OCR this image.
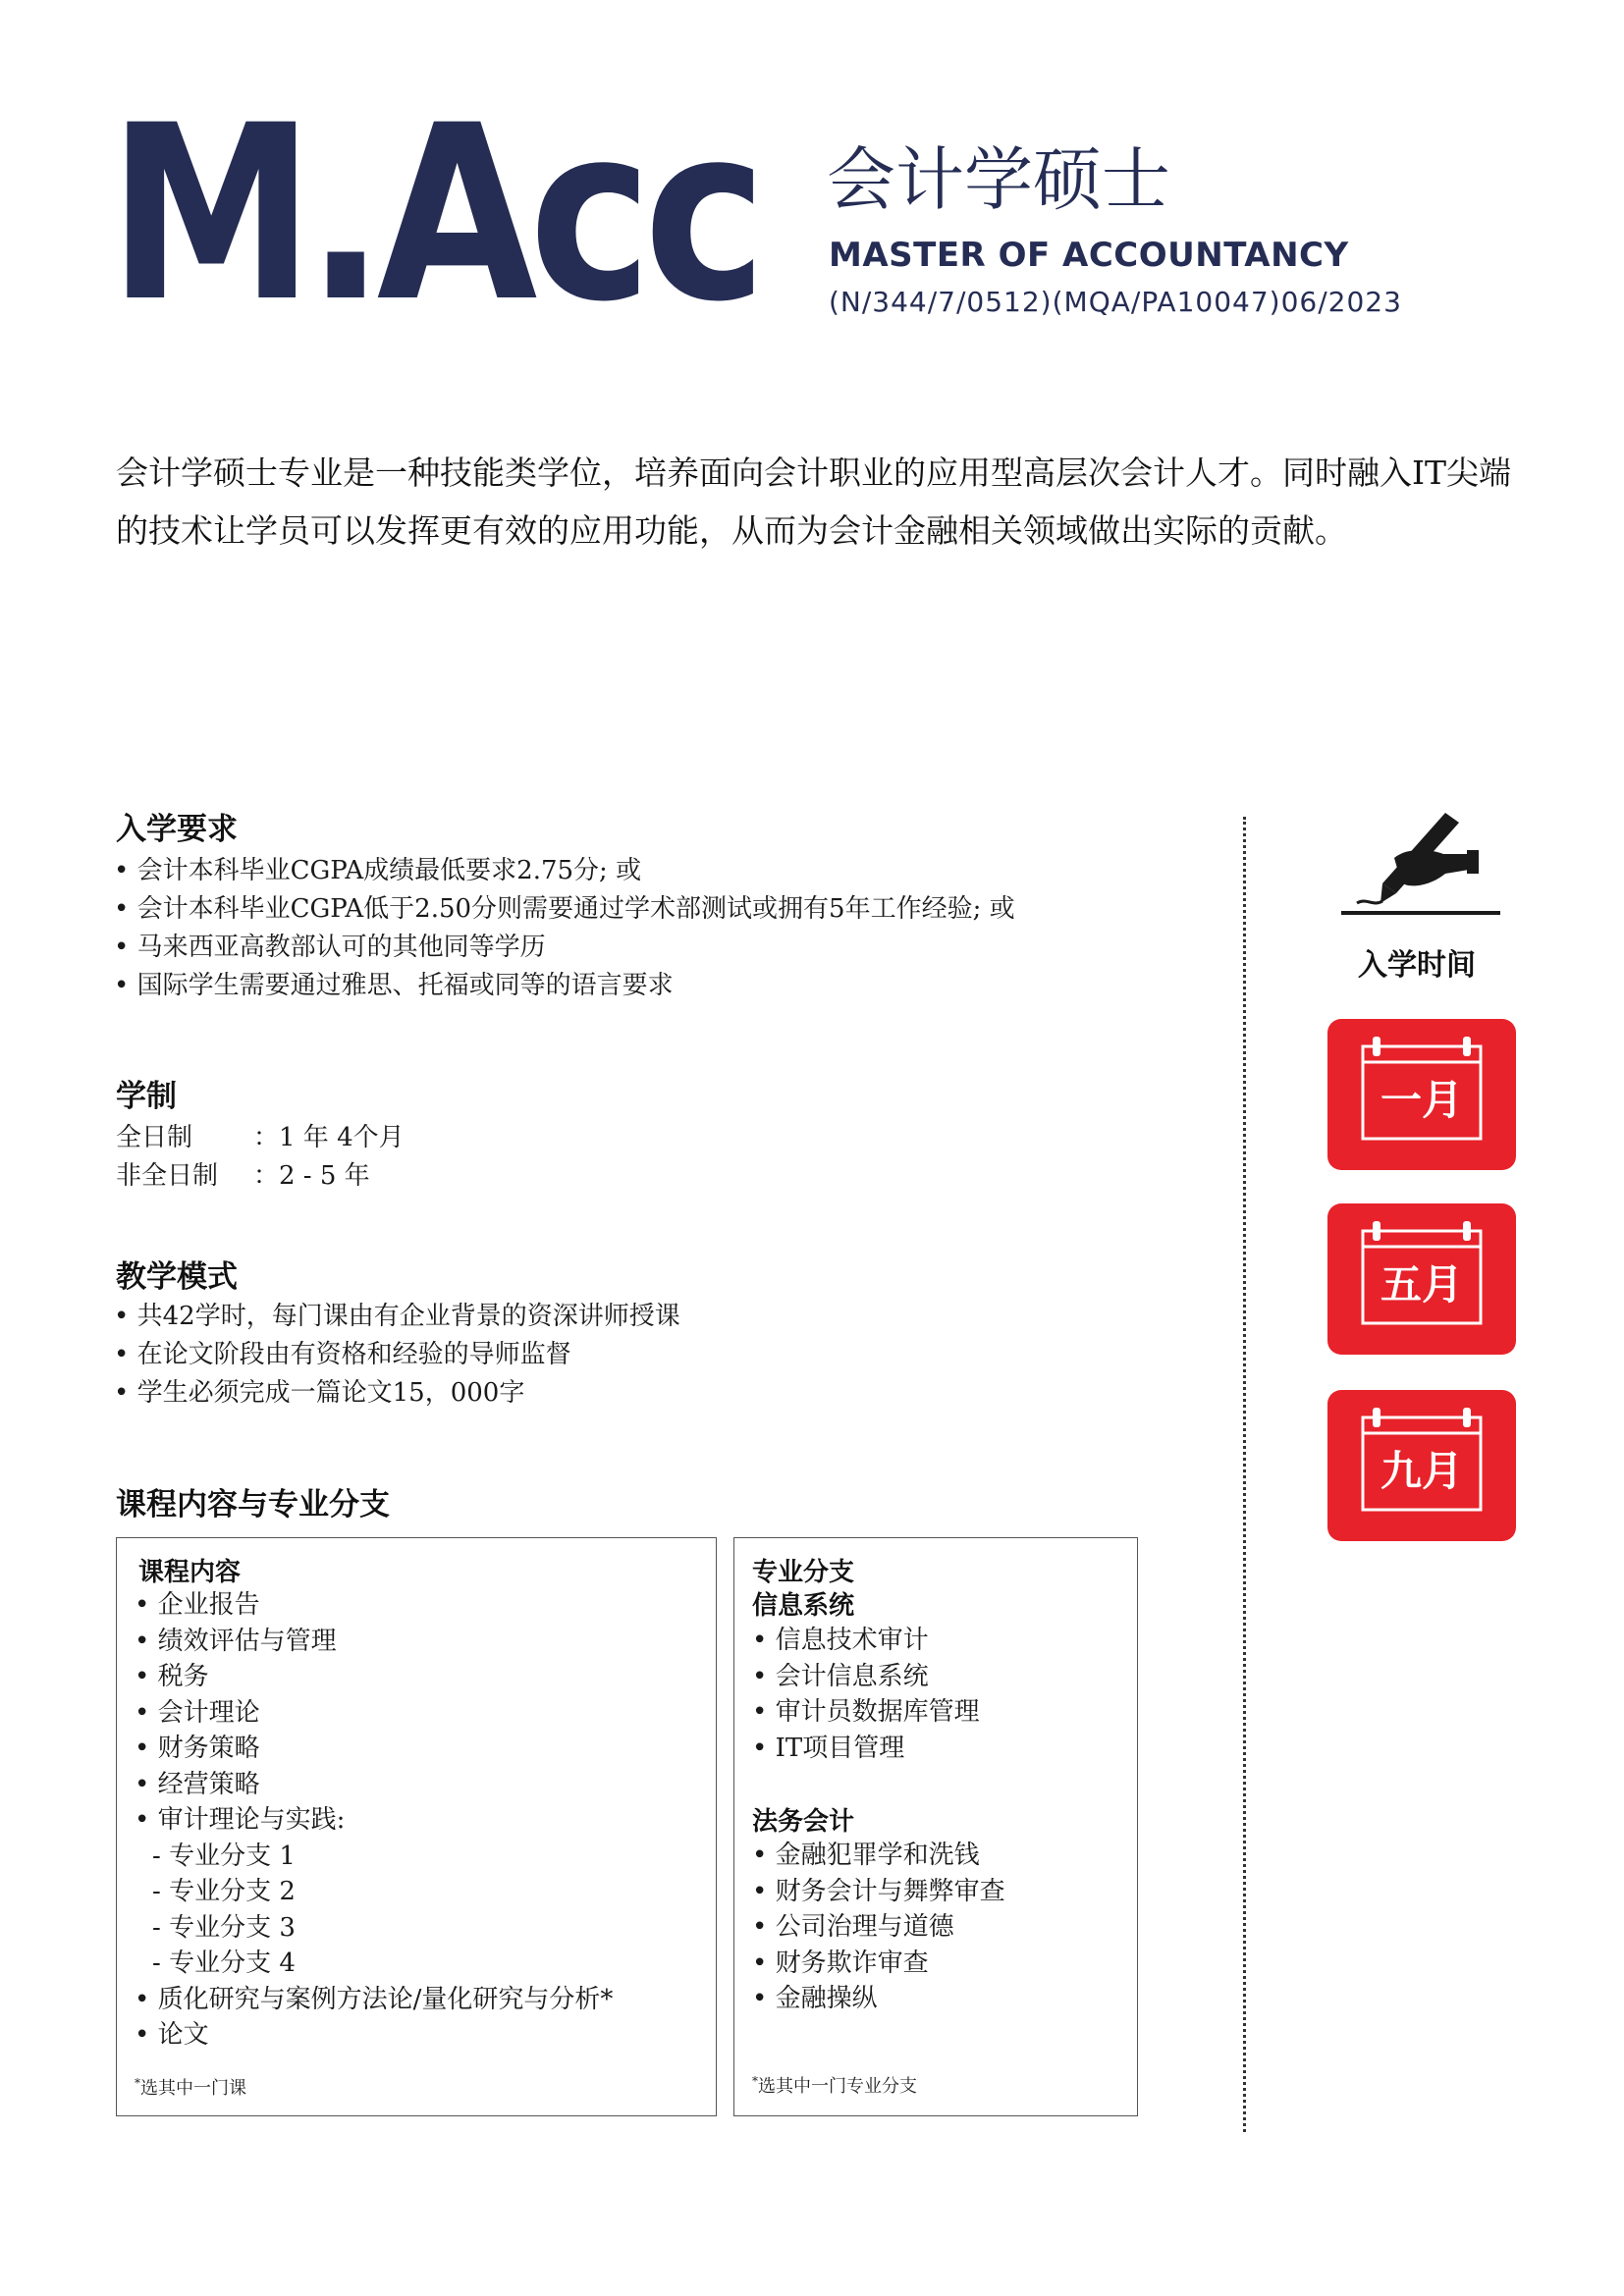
M.Acc 会计学硕士
MASTER OF ACCOUNTANCY
(N/344/7/0512)(MQA/PA10047)06/2023

会计学硕士专业是一种技能类学位，培养面向会计职业的应用型高层次会计人才。同时融入IT尖端的技术让学员可以发挥更有效的应用功能，从而为会计金融相关领域做出实际的贡献。

入学要求
• 会计本科毕业CGPA成绩最低要求2.75分; 或
• 会计本科毕业CGPA低于2.50分则需要通过学术部测试或拥有5年工作经验; 或
• 马来西亚高教部认可的其他同等学历
• 国际学生需要通过雅思、托福或同等的语言要求
学制
全日制 ：1 年 4个月
非全日制 ：2 - 5 年
教学模式
• 共42学时，每门课由有企业背景的资深讲师授课
• 在论文阶段由有资格和经验的导师监督
• 学生必须完成一篇论文15，000字
课程内容与专业分支
课程内容
• 企业报告
• 绩效评估与管理
• 税务
• 会计理论
• 财务策略
• 经营策略
• 审计理论与实践:
- 专业分支 1
- 专业分支 2
- 专业分支 3
- 专业分支 4
• 质化研究与案例方法论/量化研究与分析*
• 论文
*选其中一门课
专业分支
信息系统
• 信息技术审计
• 会计信息系统
• 审计员数据库管理
• IT项目管理
法务会计
• 金融犯罪学和洗钱
• 财务会计与舞弊审查
• 公司治理与道德
• 财务欺诈审查
• 金融操纵
*选其中一门专业分支
入学时间
一月
五月
九月
